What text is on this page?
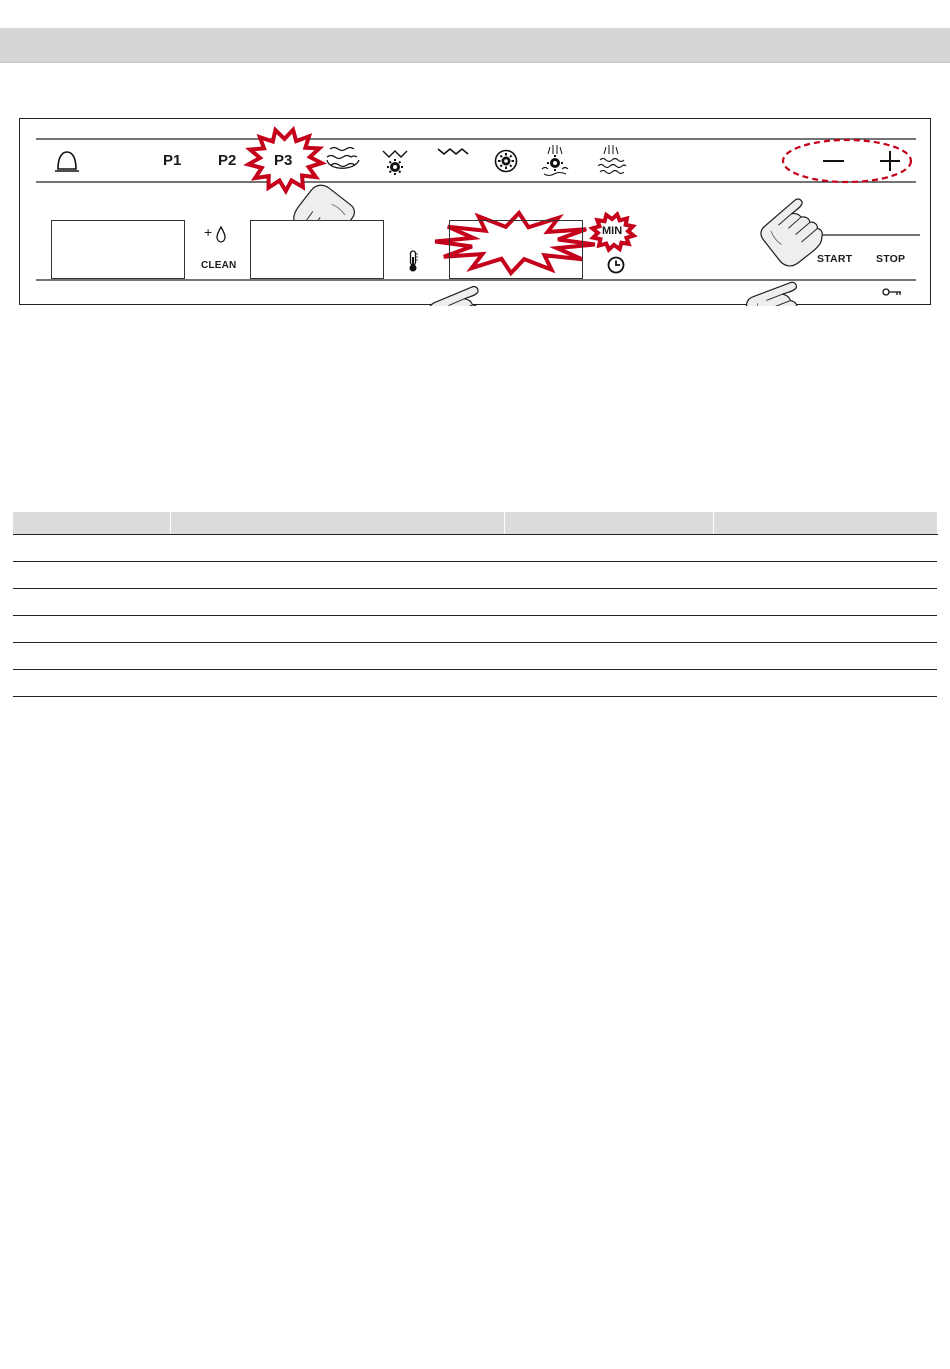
P1 P2	P3
+
CLEAN
MIN
START STOP
